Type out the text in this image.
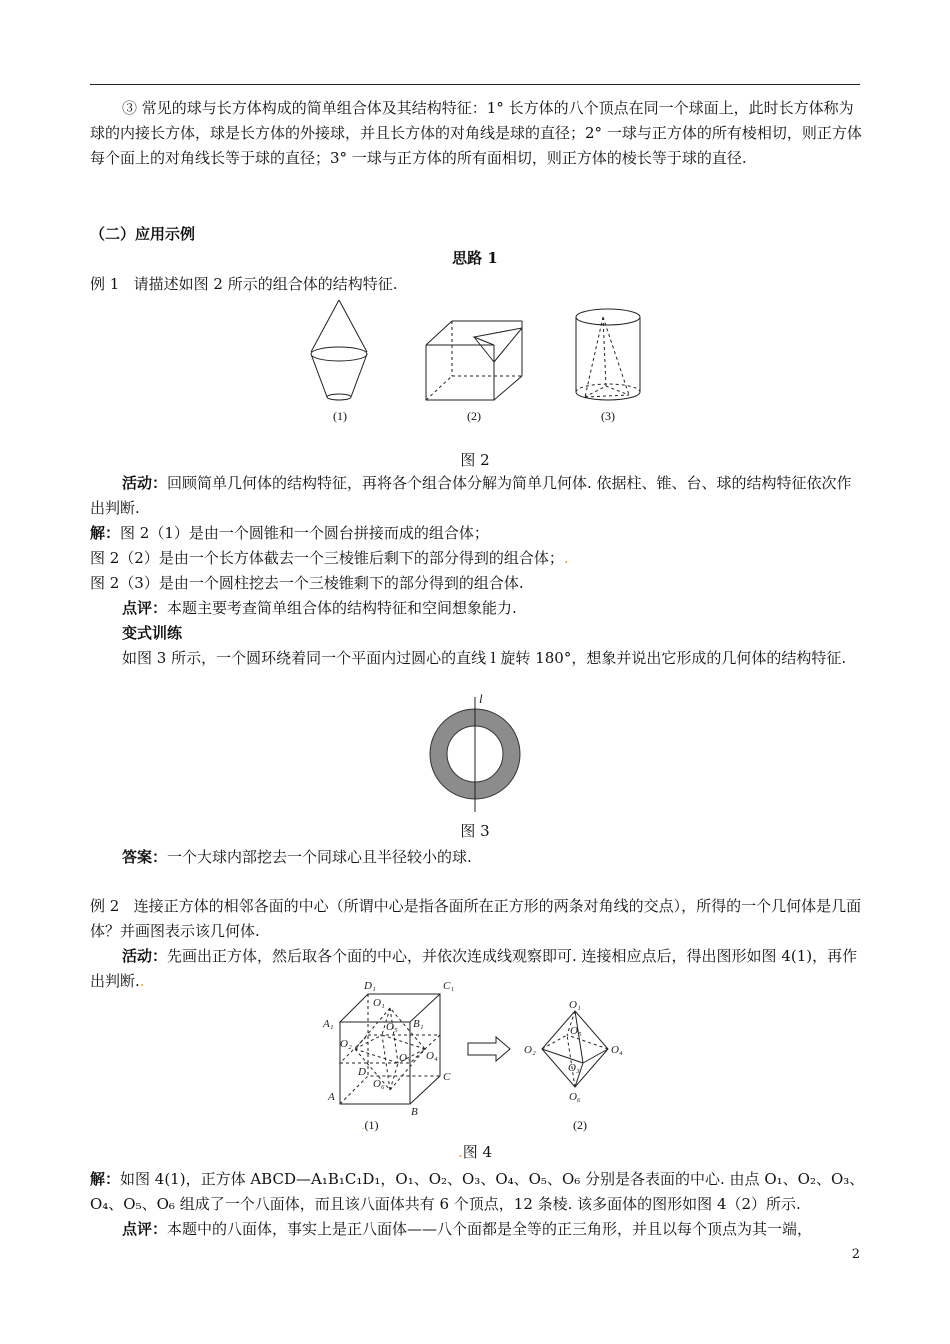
③ 常见的球与长方体构成的简单组合体及其结构特征：1° 长方体的八个顶点在同一个球面上，此时长方体称为球的内接长方体，球是长方体的外接球，并且长方体的对角线是球的直径；2° 一球与正方体的所有棱相切，则正方体每个面上的对角线长等于球的直径；3° 一球与正方体的所有面相切，则正方体的棱长等于球的直径.

（二）应用示例
思路 1
例 1 请描述如图 2 所示的组合体的结构特征.
(1)	(2)	(3)
图 2

活动：回顾简单几何体的结构特征，再将各个组合体分解为简单几何体. 依据柱、锥、台、球的结构特征依次作出判断.

解：图 2（1）是由一个圆锥和一个圆台拼接而成的组合体；
图 2（2）是由一个长方体截去一个三棱锥后剩下的部分得到的组合体；.
图 2（3）是由一个圆柱挖去一个三棱锥剩下的部分得到的组合体.
点评：本题主要考查简单组合体的结构特征和空间想象能力.
变式训练

如图 3 所示，一个圆环绕着同一个平面内过圆心的直线 l 旋转 180°，想象并说出它形成的几何体的结构特征.

l
图 3
答案：一个大球内部挖去一个同球心且半径较小的球.

例 2 连接正方体的相邻各面的中心（所谓中心是指各面所在正方形的两条对角线的交点），所得的一个几何体是几面体？并画图表示该几何体.

活动：先画出正方体，然后取各个面的中心，并依次连成线观察即可. 连接相应点后，得出图形如图 4(1)，再作出判断..	D₁	C₁
A₁	B₁
O₁
O₅
O₂
O₄
O₃
D	C
O₆
A
B
O₁
O₅
O₂	O₄
O₃
O₆
.(1)	(2)
.图 4

解：如图 4(1)，正方体 ABCD—A₁B₁C₁D₁，O₁、O₂、O₃、O₄、O₅、O₆ 分别是各表面的中心. 由点 O₁、O₂、O₃、O₄、O₅、O₆ 组成了一个八面体，而且该八面体共有 6 个顶点，12 条棱. 该多面体的图形如图 4（2）所示.

点评：本题中的八面体，事实上是正八面体——八个面都是全等的正三角形，并且以每个顶点为其一端，
2
